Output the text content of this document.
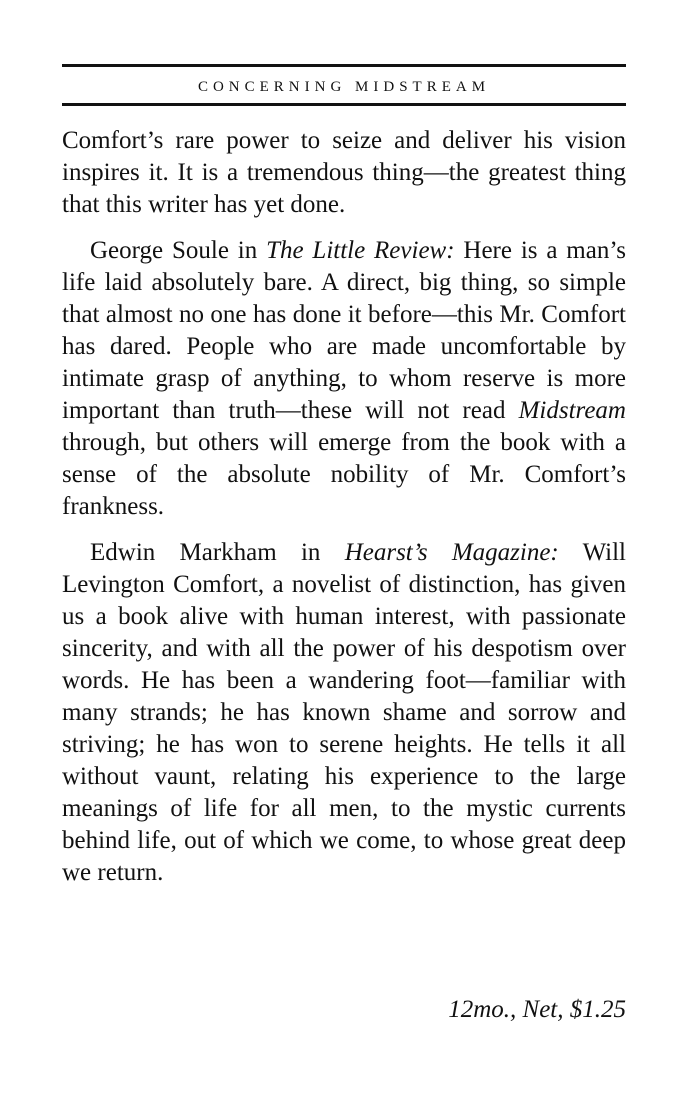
CONCERNING MIDSTREAM

Comfort’s rare power to seize and deliver his vision inspires it. It is a tremendous thing—the greatest thing that this writer has yet done.

George Soule in The Little Review: Here is a man’s life laid absolutely bare. A direct, big thing, so simple that almost no one has done it before—this Mr. Comfort has dared. People who are made uncomfortable by intimate grasp of anything, to whom reserve is more important than truth—these will not read Midstream through, but others will emerge from the book with a sense of the absolute nobility of Mr. Comfort’s frankness.

Edwin Markham in Hearst’s Magazine: Will Levington Comfort, a novelist of distinction, has given us a book alive with human interest, with passionate sincerity, and with all the power of his despotism over words. He has been a wandering foot—familiar with many strands; he has known shame and sorrow and striving; he has won to serene heights. He tells it all without vaunt, relating his experience to the large meanings of life for all men, to the mystic currents behind life, out of which we come, to whose great deep we return.

12mo., Net, $1.25
